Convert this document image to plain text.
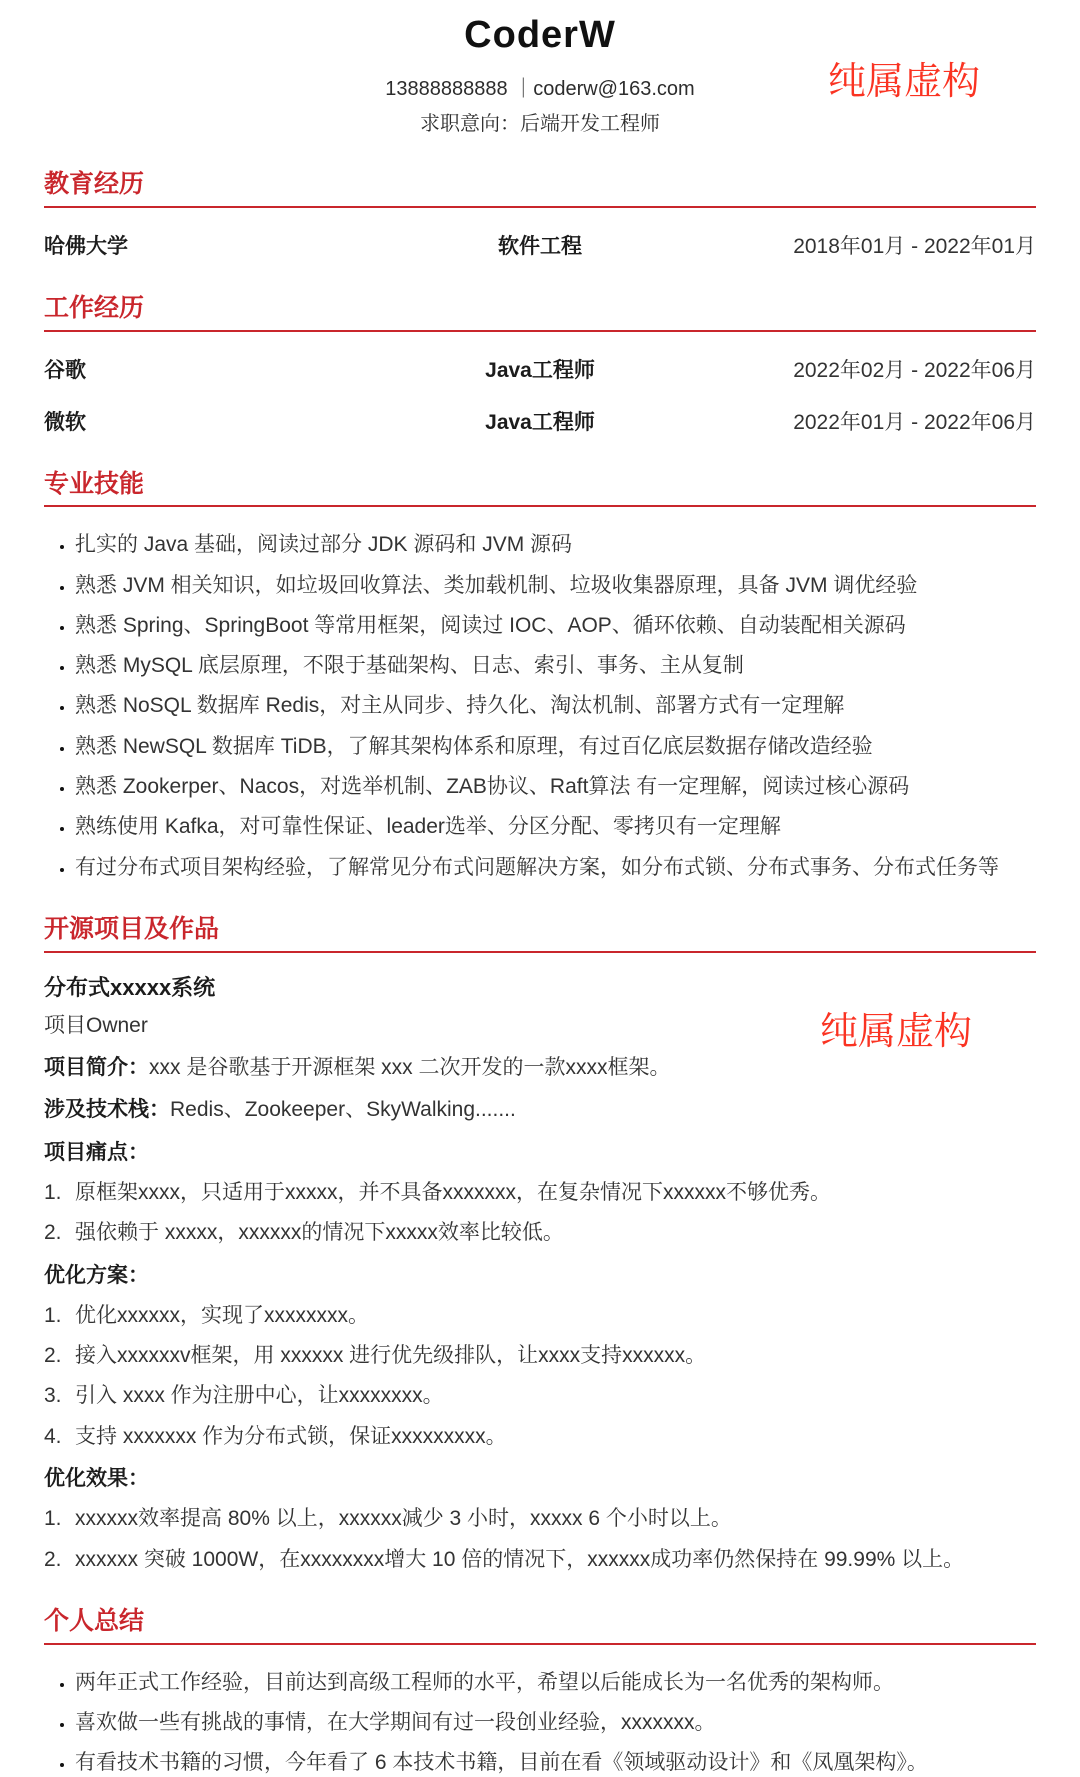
纯属虚构
纯属虚构
CoderW
13888888888 ｜coderw@163.com
求职意向：后端开发工程师
教育经历
哈佛大学	软件工程	2018年01月 - 2022年01月
工作经历
谷歌	Java工程师	2022年02月 - 2022年06月
微软	Java工程师	2022年01月 - 2022年06月
专业技能
• 扎实的 Java 基础，阅读过部分 JDK 源码和 JVM 源码
• 熟悉 JVM 相关知识，如垃圾回收算法、类加载机制、垃圾收集器原理，具备 JVM 调优经验
• 熟悉 Spring、SpringBoot 等常用框架，阅读过 IOC、AOP、循环依赖、自动装配相关源码
• 熟悉 MySQL 底层原理，不限于基础架构、日志、索引、事务、主从复制
• 熟悉 NoSQL 数据库 Redis，对主从同步、持久化、淘汰机制、部署方式有一定理解
• 熟悉 NewSQL 数据库 TiDB，了解其架构体系和原理，有过百亿底层数据存储改造经验
• 熟悉 Zookerper、Nacos，对选举机制、ZAB协议、Raft算法 有一定理解，阅读过核心源码
• 熟练使用 Kafka，对可靠性保证、leader选举、分区分配、零拷贝有一定理解
• 有过分布式项目架构经验，了解常见分布式问题解决方案，如分布式锁、分布式事务、分布式任务等
开源项目及作品
分布式xxxxx系统
项目Owner
项目简介：xxx 是谷歌基于开源框架 xxx 二次开发的一款xxxx框架。
涉及技术栈：Redis、Zookeeper、SkyWalking.......
项目痛点：
1. 原框架xxxx，只适用于xxxxx，并不具备xxxxxxx，在复杂情况下xxxxxx不够优秀。
2. 强依赖于 xxxxx，xxxxxx的情况下xxxxx效率比较低。
优化方案：
1. 优化xxxxxx，实现了xxxxxxxx。
2. 接入xxxxxxv框架，用 xxxxxx 进行优先级排队，让xxxx支持xxxxxx。
3. 引入 xxxx 作为注册中心，让xxxxxxxx。
4. 支持 xxxxxxx 作为分布式锁，保证xxxxxxxxx。
优化效果：
1. xxxxxx效率提高 80% 以上，xxxxxx减少 3 小时，xxxxx 6 个小时以上。
2. xxxxxx 突破 1000W，在xxxxxxxx增大 10 倍的情况下，xxxxxx成功率仍然保持在 99.99% 以上。
个人总结
• 两年正式工作经验，目前达到高级工程师的水平，希望以后能成长为一名优秀的架构师。
• 喜欢做一些有挑战的事情，在大学期间有过一段创业经验，xxxxxxx。
• 有看技术书籍的习惯，今年看了 6 本技术书籍，目前在看《领域驱动设计》和《凤凰架构》。
